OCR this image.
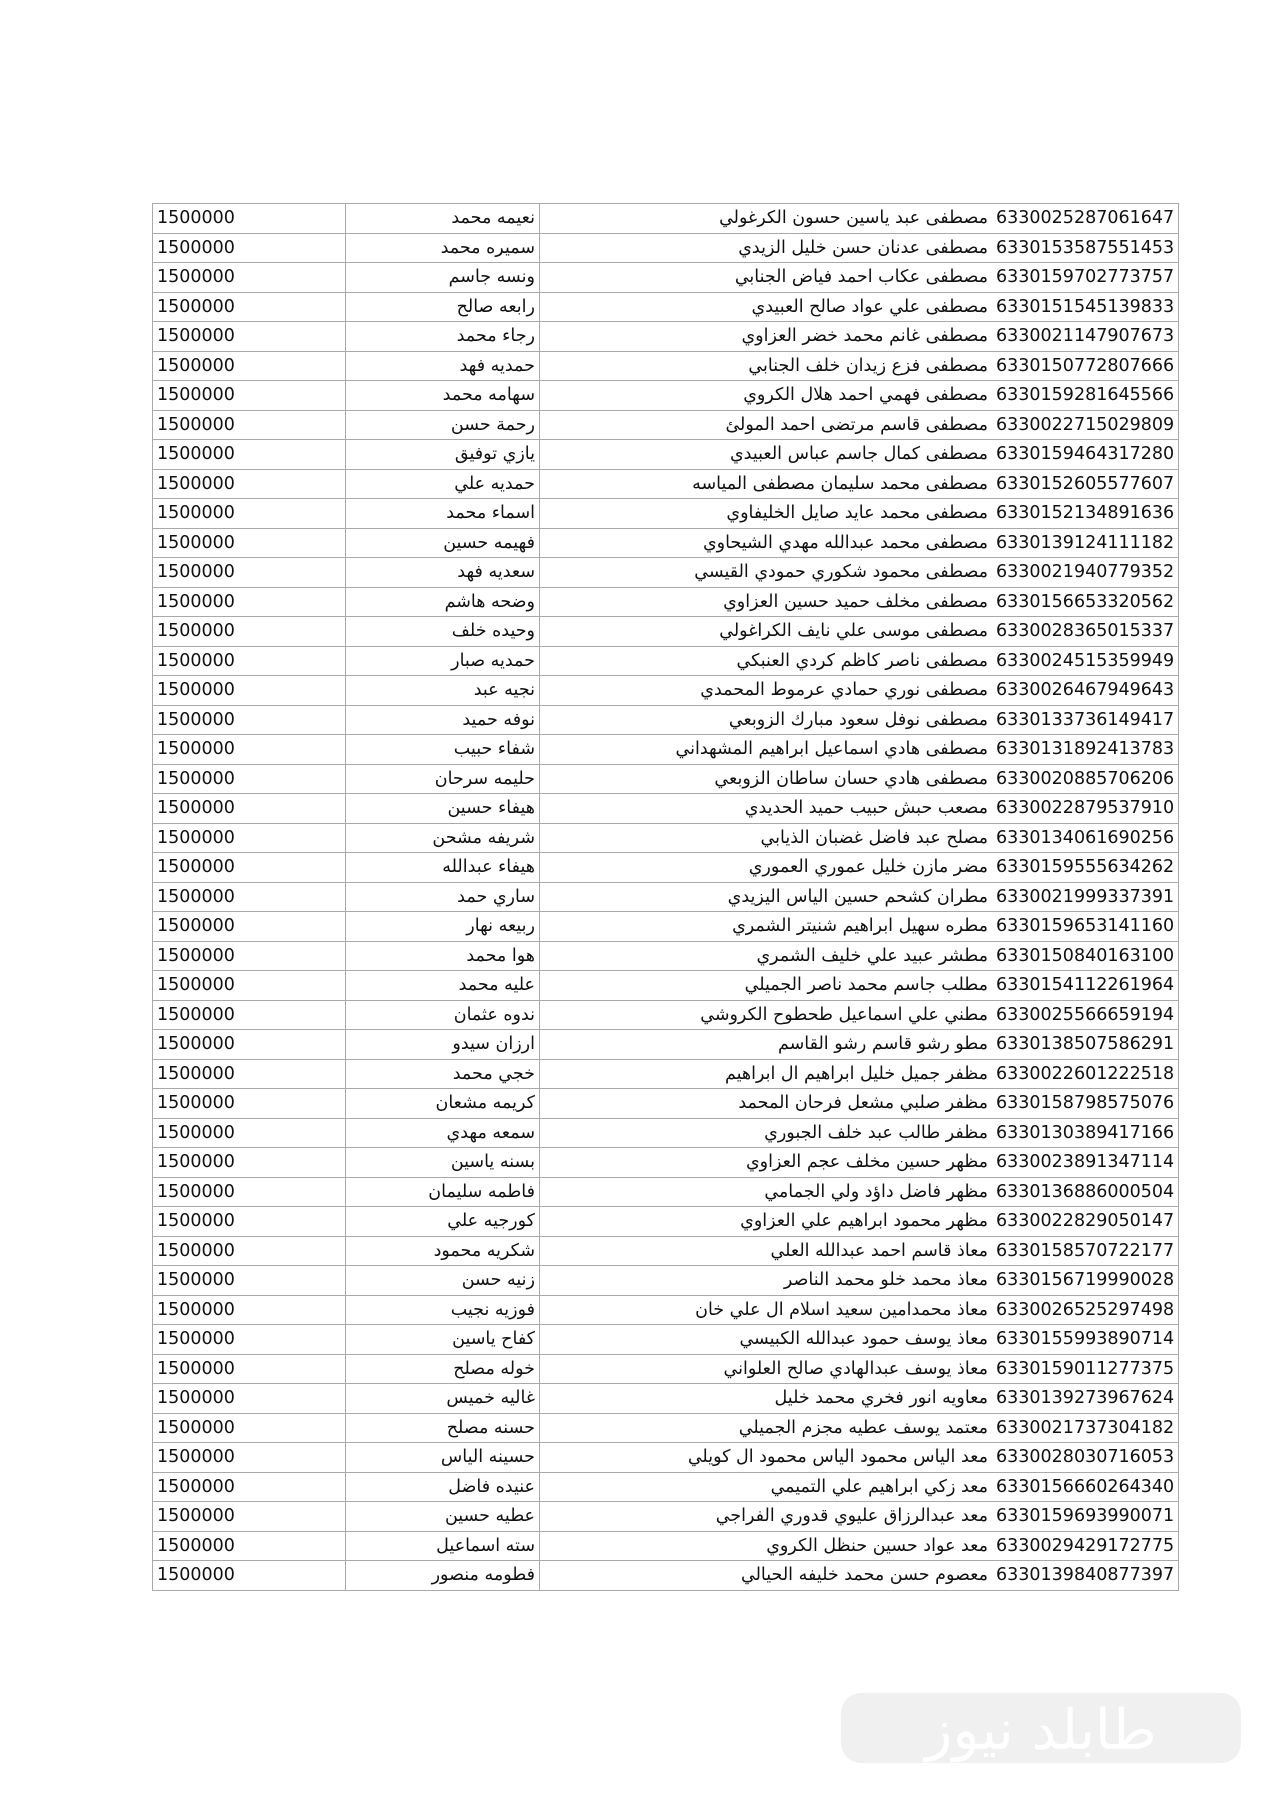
1500000	نعيمه محمد	مصطفى عبد ياسين حسون الكرغولي	6330025287061647
1500000	سميره محمد	مصطفى عدنان حسن خليل الزيدي	6330153587551453
1500000	ونسه جاسم	مصطفى عكاب احمد فياض الجنابي	6330159702773757
1500000	رابعه صالح	مصطفى علي عواد صالح العبيدي	6330151545139833
1500000	رجاء محمد	مصطفى غانم محمد خضر العزاوي	6330021147907673
1500000	حمديه فهد	مصطفى فزع زيدان خلف الجنابي	6330150772807666
1500000	سهامه محمد	مصطفى فهمي احمد هلال الكروي	6330159281645566
1500000	رحمة حسن	مصطفى قاسم مرتضى احمد المولئ	6330022715029809
1500000	يازي توفيق	مصطفى كمال جاسم عباس العبيدي	6330159464317280
1500000	حمديه علي	مصطفى محمد سليمان مصطفى المياسه	6330152605577607
1500000	اسماء محمد	مصطفى محمد عايد صايل الخليفاوي	6330152134891636
1500000	فهيمه حسين	مصطفى محمد عبدالله مهدي الشيحاوي	6330139124111182
1500000	سعديه فهد	مصطفى محمود شكوري حمودي القيسي	6330021940779352
1500000	وضحه هاشم	مصطفى مخلف حميد حسين العزاوي	6330156653320562
1500000	وحيده خلف	مصطفى موسى علي نايف الكراغولي	6330028365015337
1500000	حمديه صبار	مصطفى ناصر كاظم كردي العنبكي	6330024515359949
1500000	نجيه عبد	مصطفى نوري حمادي عرموط المحمدي	6330026467949643
1500000	نوفه حميد	مصطفى نوفل سعود مبارك الزوبعي	6330133736149417
1500000	شفاء حبيب	مصطفى هادي اسماعيل ابراهيم المشهداني	6330131892413783
1500000	حليمه سرحان	مصطفى هادي حسان ساطان الزوبعي	6330020885706206
1500000	هيفاء حسين	مصعب حبش حبيب حميد الحديدي	6330022879537910
1500000	شريفه مشحن	مصلح عبد فاضل غضبان الذيابي	6330134061690256
1500000	هيفاء عبدالله	مضر مازن خليل عموري العموري	6330159555634262
1500000	ساري حمد	مطران كشحم حسين الياس اليزيدي	6330021999337391
1500000	ربيعه نهار	مطره سهيل ابراهيم شنيتر الشمري	6330159653141160
1500000	هوا محمد	مطشر عبيد علي خليف الشمري	6330150840163100
1500000	عليه محمد	مطلب جاسم محمد ناصر الجميلي	6330154112261964
1500000	ندوه عثمان	مطني علي اسماعيل طحطوح الكروشي	6330025566659194
1500000	ارزان سيدو	مطو رشو قاسم رشو القاسم	6330138507586291
1500000	خجي محمد	مظفر جميل خليل ابراهيم ال ابراهيم	6330022601222518
1500000	كريمه مشعان	مظفر صلبي مشعل فرحان المحمد	6330158798575076
1500000	سمعه مهدي	مظفر طالب عبد خلف الجبوري	6330130389417166
1500000	بسنه ياسين	مظهر حسين مخلف عجم العزاوي	6330023891347114
1500000	فاطمه سليمان	مظهر فاضل داؤد ولي الجمامي	6330136886000504
1500000	كورجيه علي	مظهر محمود ابراهيم علي العزاوي	6330022829050147
1500000	شكريه محمود	معاذ قاسم احمد عبدالله العلي	6330158570722177
1500000	زنيه حسن	معاذ محمد خلو محمد الناصر	6330156719990028
1500000	فوزيه نجيب	معاذ محمدامين سعيد اسلام ال علي خان	6330026525297498
1500000	كفاح ياسين	معاذ يوسف حمود عبدالله الكبيسي	6330155993890714
1500000	خوله مصلح	معاذ يوسف عبدالهادي صالح العلواني	6330159011277375
1500000	غاليه خميس	معاويه انور فخري محمد خليل	6330139273967624
1500000	حسنه مصلح	معتمد يوسف عطيه مجزم الجميلي	6330021737304182
1500000	حسينه الياس	معد الياس محمود الياس محمود ال كويلي	6330028030716053
1500000	عنيده فاضل	معد زكي ابراهيم علي التميمي	6330156660264340
1500000	عطيه حسين	معد عبدالرزاق عليوي قدوري الفراجي	6330159693990071
1500000	سته اسماعيل	معد عواد حسين حنظل الكروي	6330029429172775
1500000	فطومه منصور	معصوم حسن محمد خليفه الحيالي	6330139840877397
طابلد نيوز
